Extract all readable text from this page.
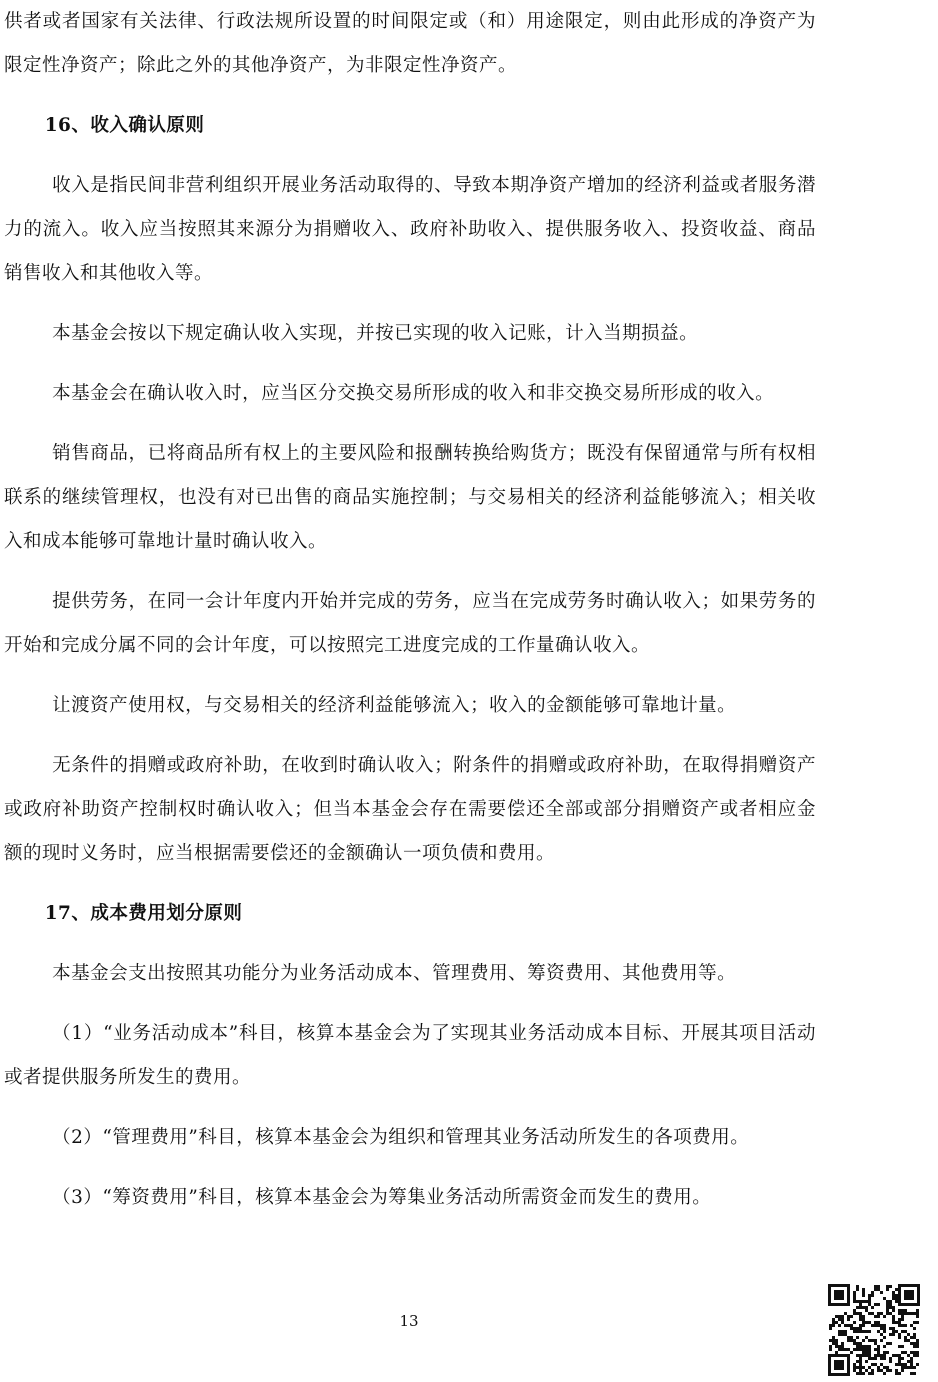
供者或者国家有关法律、行政法规所设置的时间限定或（和）用途限定，则由此形成的净资产为限定性净资产；除此之外的其他净资产，为非限定性净资产。

16、收入确认原则

收入是指民间非营利组织开展业务活动取得的、导致本期净资产增加的经济利益或者服务潜力的流入。收入应当按照其来源分为捐赠收入、政府补助收入、提供服务收入、投资收益、商品销售收入和其他收入等。

本基金会按以下规定确认收入实现，并按已实现的收入记账，计入当期损益。

本基金会在确认收入时，应当区分交换交易所形成的收入和非交换交易所形成的收入。

销售商品，已将商品所有权上的主要风险和报酬转换给购货方；既没有保留通常与所有权相联系的继续管理权，也没有对已出售的商品实施控制；与交易相关的经济利益能够流入；相关收入和成本能够可靠地计量时确认收入。

提供劳务，在同一会计年度内开始并完成的劳务，应当在完成劳务时确认收入；如果劳务的开始和完成分属不同的会计年度，可以按照完工进度完成的工作量确认收入。

让渡资产使用权，与交易相关的经济利益能够流入；收入的金额能够可靠地计量。

无条件的捐赠或政府补助，在收到时确认收入；附条件的捐赠或政府补助，在取得捐赠资产或政府补助资产控制权时确认收入；但当本基金会存在需要偿还全部或部分捐赠资产或者相应金额的现时义务时，应当根据需要偿还的金额确认一项负债和费用。

17、成本费用划分原则

本基金会支出按照其功能分为业务活动成本、管理费用、筹资费用、其他费用等。

（1）“业务活动成本”科目，核算本基金会为了实现其业务活动成本目标、开展其项目活动或者提供服务所发生的费用。

（2）“管理费用”科目，核算本基金会为组织和管理其业务活动所发生的各项费用。

（3）“筹资费用”科目，核算本基金会为筹集业务活动所需资金而发生的费用。

13
